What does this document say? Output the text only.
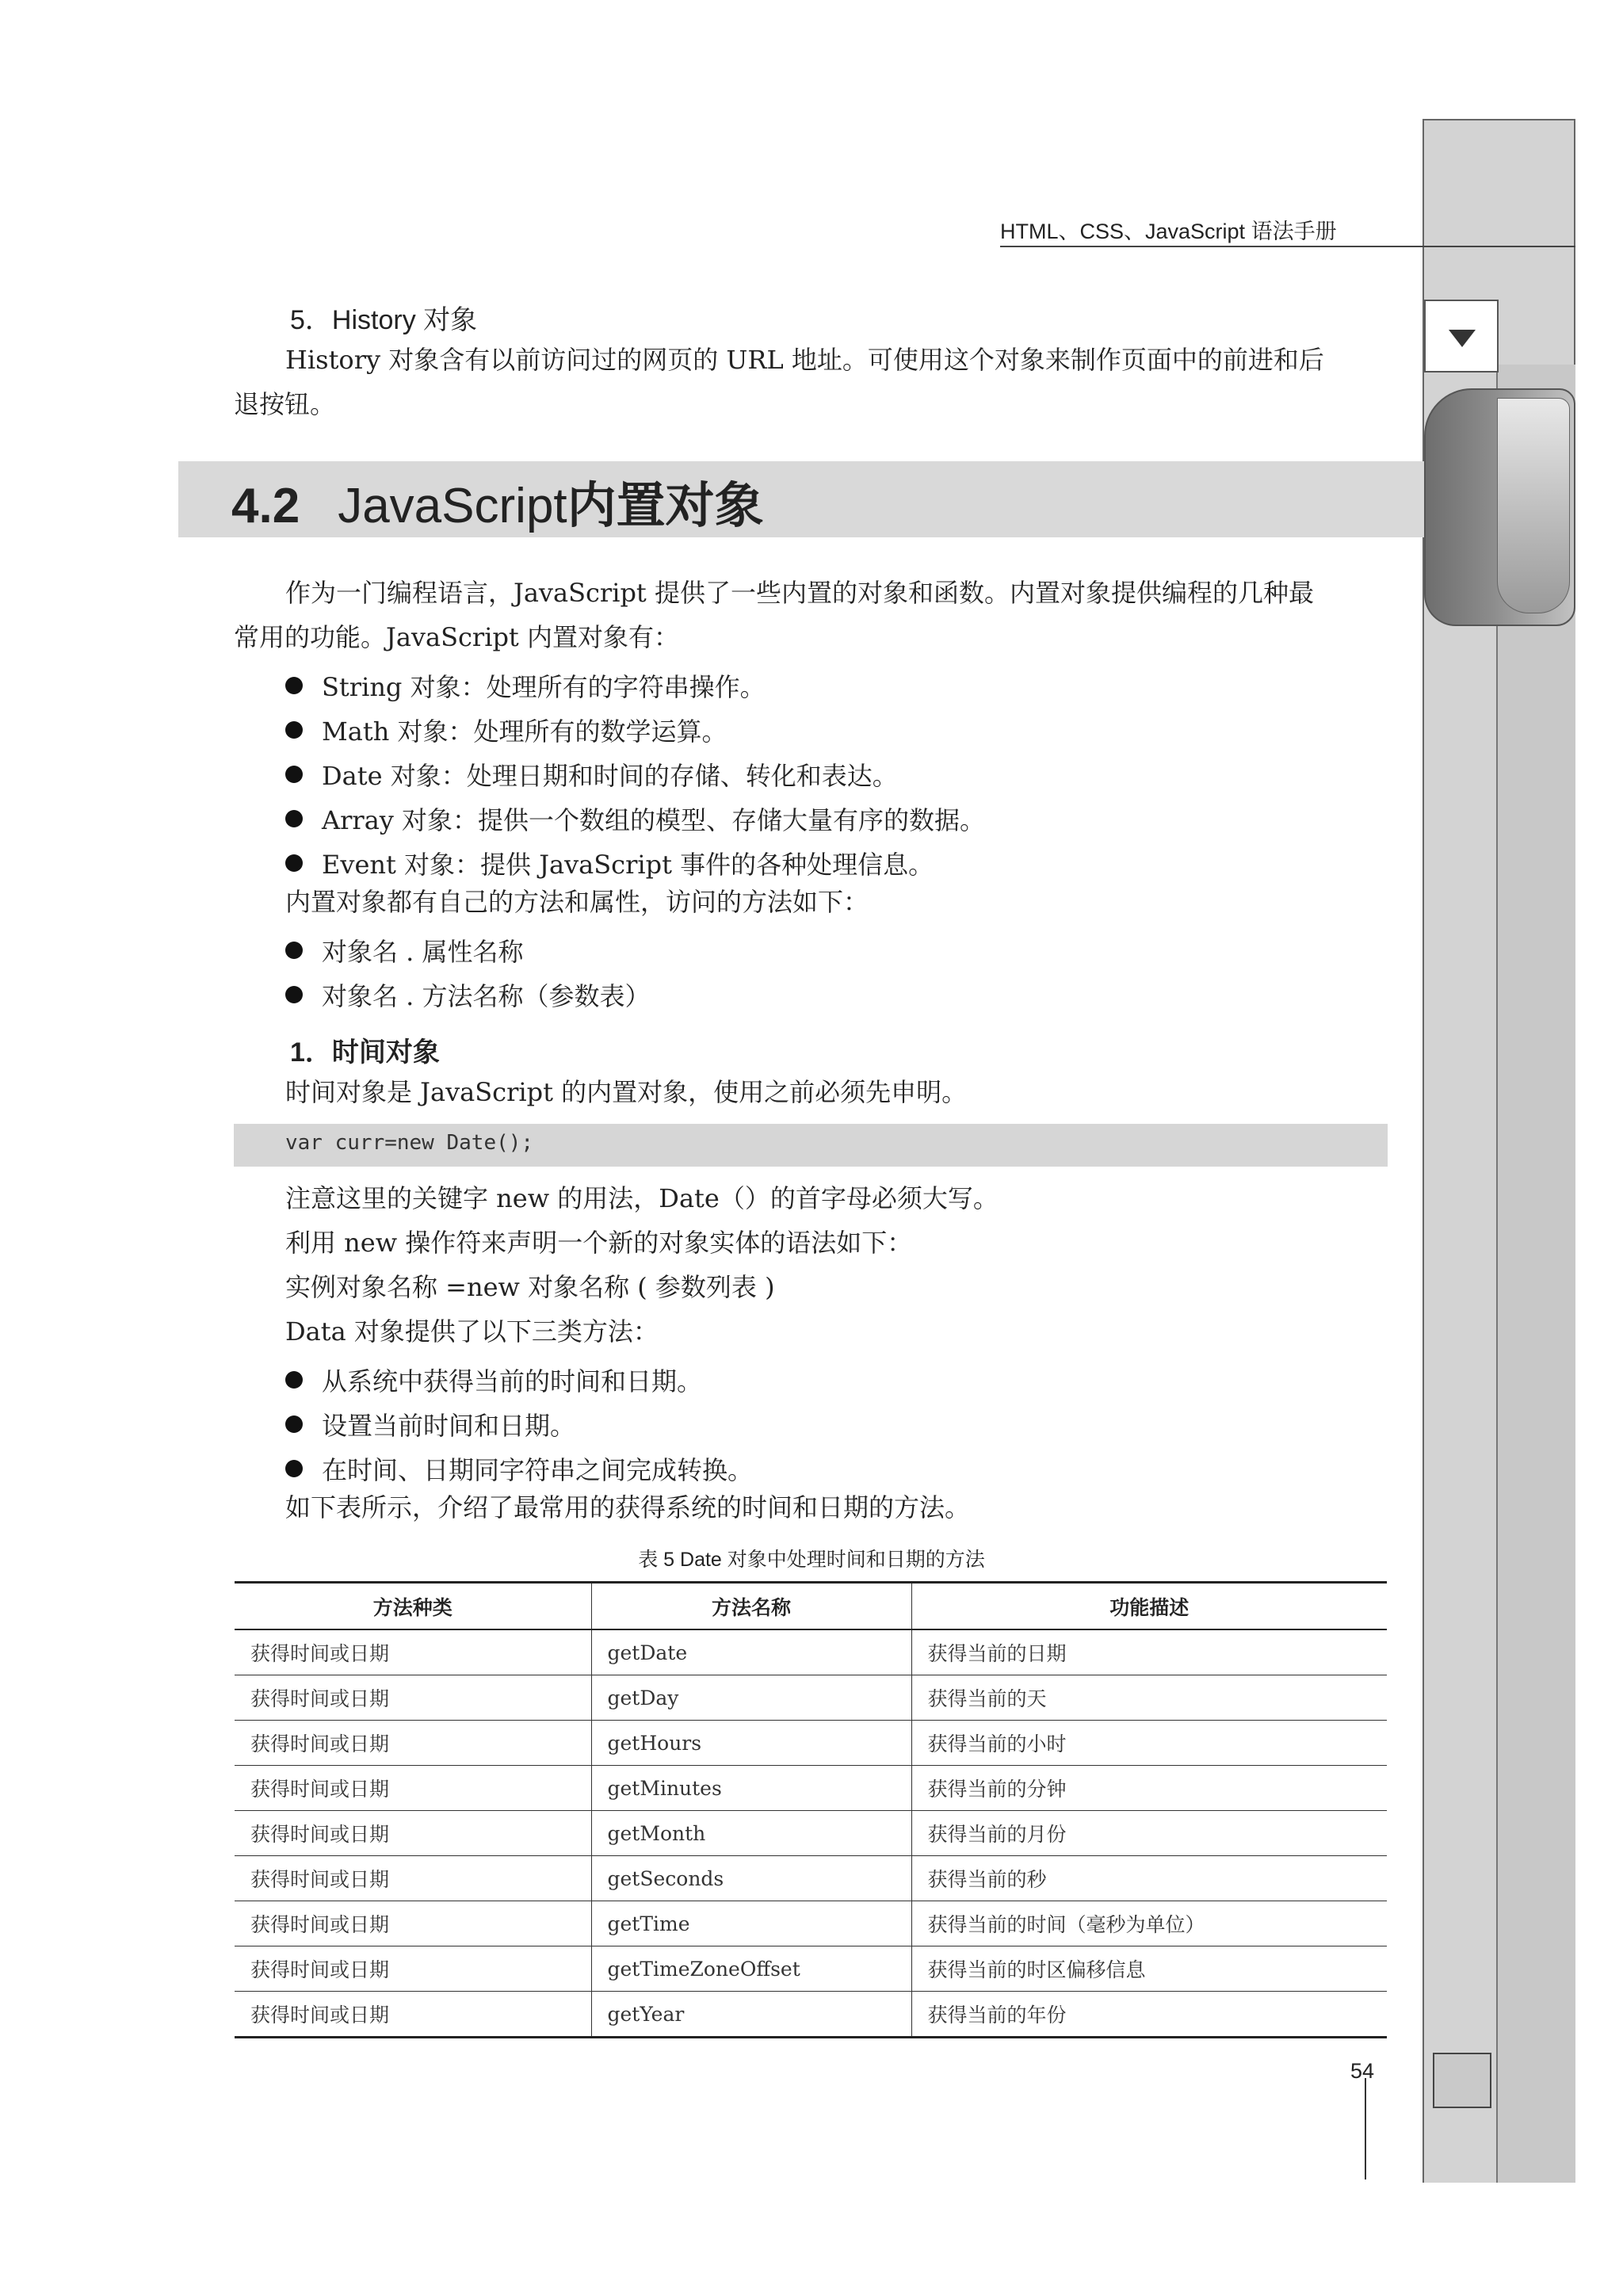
HTML、CSS、JavaScript 语法手册
5．History 对象
History 对象含有以前访问过的网页的 URL 地址。可使用这个对象来制作页面中的前进和后
退按钮。
4.2 JavaScript内置对象
作为一门编程语言，JavaScript 提供了一些内置的对象和函数。内置对象提供编程的几种最
常用的功能。JavaScript 内置对象有：
String 对象：处理所有的字符串操作。
Math 对象：处理所有的数学运算。
Date 对象：处理日期和时间的存储、转化和表达。
Array 对象：提供一个数组的模型、存储大量有序的数据。
Event 对象：提供 JavaScript 事件的各种处理信息。
内置对象都有自己的方法和属性，访问的方法如下：
对象名 . 属性名称
对象名 . 方法名称（参数表）
1．时间对象
时间对象是 JavaScript 的内置对象，使用之前必须先申明。
var curr=new Date();
注意这里的关键字 new 的用法，Date（）的首字母必须大写。
利用 new 操作符来声明一个新的对象实体的语法如下：
实例对象名称 =new 对象名称 ( 参数列表 )
Data 对象提供了以下三类方法：
从系统中获得当前的时间和日期。
设置当前时间和日期。
在时间、日期同字符串之间完成转换。
如下表所示，介绍了最常用的获得系统的时间和日期的方法。
表 5 Date 对象中处理时间和日期的方法
方法种类	方法名称	功能描述
获得时间或日期	getDate	获得当前的日期
获得时间或日期	getDay	获得当前的天
获得时间或日期	getHours	获得当前的小时
获得时间或日期	getMinutes	获得当前的分钟
获得时间或日期	getMonth	获得当前的月份
获得时间或日期	getSeconds	获得当前的秒
获得时间或日期	getTime	获得当前的时间（毫秒为单位）
获得时间或日期	getTimeZoneOffset	获得当前的时区偏移信息
获得时间或日期	getYear	获得当前的年份
54
